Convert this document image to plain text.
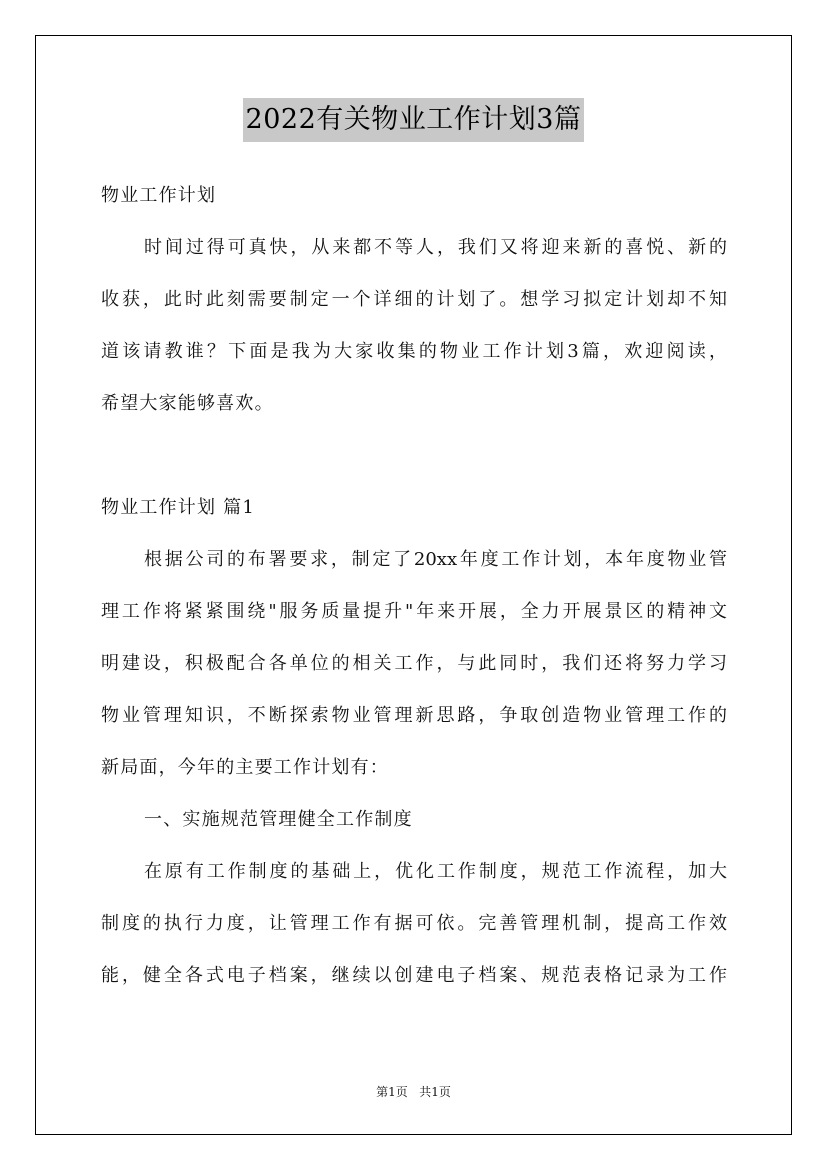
2022有关物业工作计划3篇
物业工作计划
时间过得可真快，从来都不等人，我们又将迎来新的喜悦、新的
收获，此时此刻需要制定一个详细的计划了。想学习拟定计划却不知
道该请教谁？下面是我为大家收集的物业工作计划3篇，欢迎阅读，
希望大家能够喜欢。
物业工作计划 篇1
根据公司的布署要求，制定了20xx年度工作计划，本年度物业管
理工作将紧紧围绕"服务质量提升"年来开展，全力开展景区的精神文
明建设，积极配合各单位的相关工作，与此同时，我们还将努力学习
物业管理知识，不断探索物业管理新思路，争取创造物业管理工作的
新局面，今年的主要工作计划有：
一、实施规范管理健全工作制度
在原有工作制度的基础上，优化工作制度，规范工作流程，加大
制度的执行力度，让管理工作有据可依。完善管理机制，提高工作效
能，健全各式电子档案，继续以创建电子档案、规范表格记录为工作
第1页 共1页
